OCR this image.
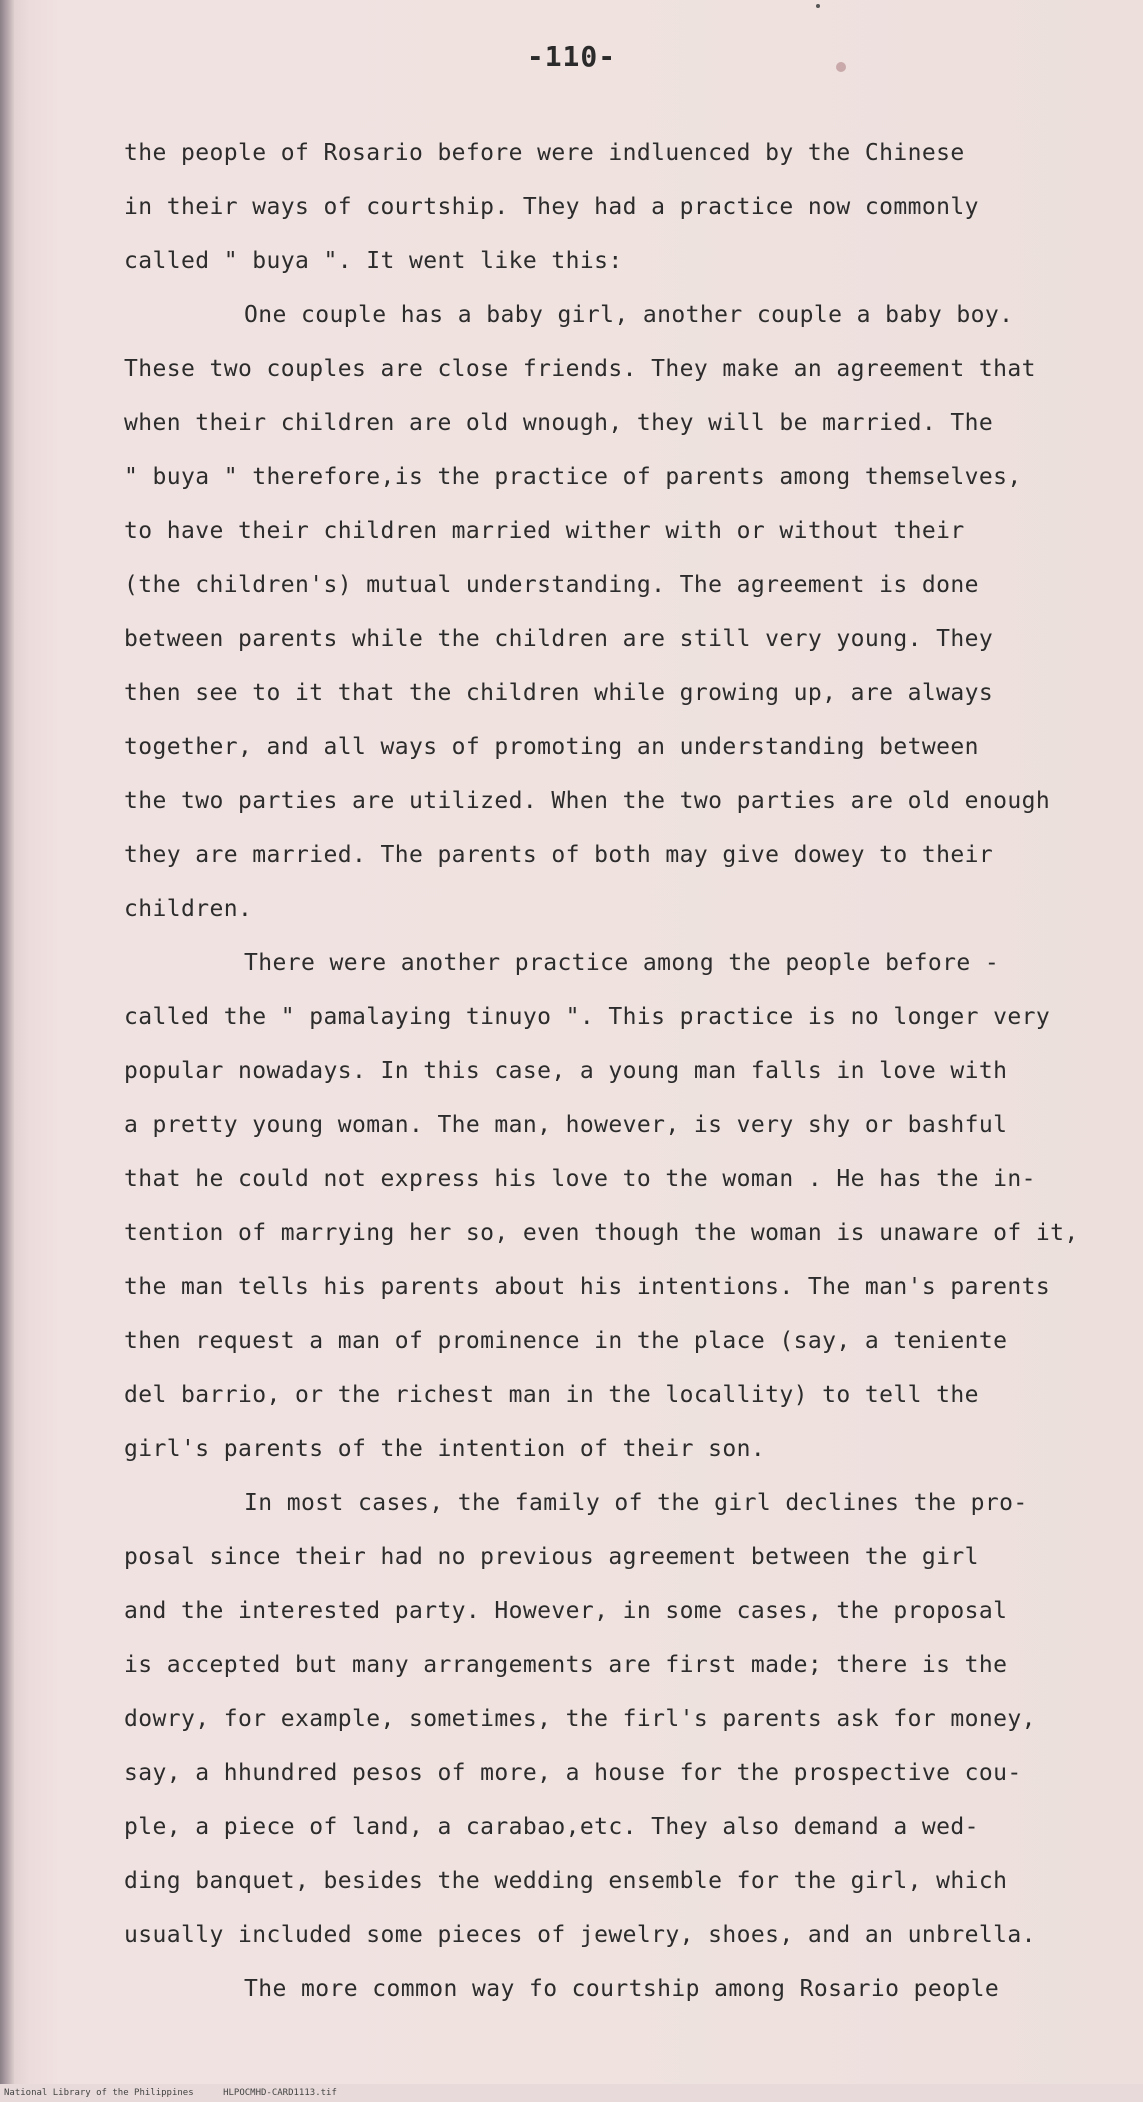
-110-
the people of Rosario before were indluenced by the Chinese
in their ways of courtship. They had a practice now commonly
called " buya ". It went like this:
One couple has a baby girl, another couple a baby boy.
These two couples are close friends. They make an agreement that
when their children are old wnough, they will be married. The
" buya " therefore,is the practice of parents among themselves,
to have their children married wither with or without their
(the children's) mutual understanding. The agreement is done
between parents while the children are still very young. They
then see to it that the children while growing up, are always
together, and all ways of promoting an understanding between
the two parties are utilized. When the two parties are old enough
they are married. The parents of both may give dowey to their
children.
There were another practice among the people before -
called the " pamalaying tinuyo ". This practice is no longer very
popular nowadays. In this case, a young man falls in love with
a pretty young woman. The man, however, is very shy or bashful
that he could not express his love to the woman . He has the in-
tention of marrying her so, even though the woman is unaware of it,
the man tells his parents about his intentions. The man's parents
then request a man of prominence in the place (say, a teniente
del barrio, or the richest man in the locallity) to tell the
girl's parents of the intention of their son.
In most cases, the family of the girl declines the pro-
posal since their had no previous agreement between the girl
and the interested party. However, in some cases, the proposal
is accepted but many arrangements are first made; there is the
dowry, for example, sometimes, the firl's parents ask for money,
say, a hhundred pesos of more, a house for the prospective cou-
ple, a piece of land, a carabao,etc. They also demand a wed-
ding banquet, besides the wedding ensemble for the girl, which
usually included some pieces of jewelry, shoes, and an unbrella.
The more common way fo courtship among Rosario people
National Library of the Philippines	HLPOCMHD-CARD1113.tif
